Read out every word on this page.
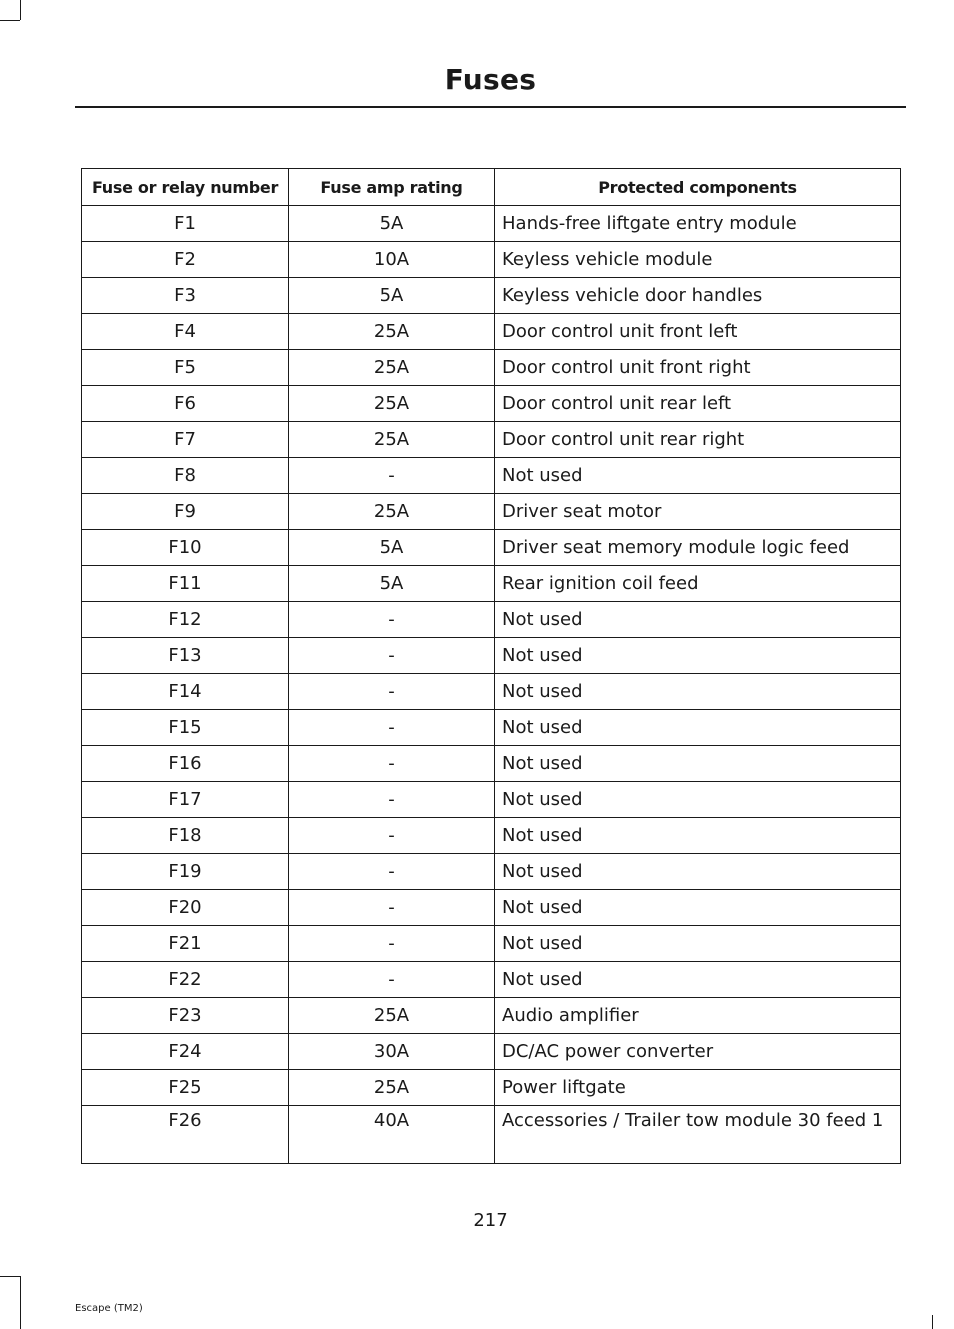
Fuses
Fuse or relay number	Fuse amp rating	Protected components
F1	5A	Hands-free liftgate entry module
F2	10A	Keyless vehicle module
F3	5A	Keyless vehicle door handles
F4	25A	Door control unit front left
F5	25A	Door control unit front right
F6	25A	Door control unit rear left
F7	25A	Door control unit rear right
F8	-	Not used
F9	25A	Driver seat motor
F10	5A	Driver seat memory module logic feed
F11	5A	Rear ignition coil feed
F12	-	Not used
F13	-	Not used
F14	-	Not used
F15	-	Not used
F16	-	Not used
F17	-	Not used
F18	-	Not used
F19	-	Not used
F20	-	Not used
F21	-	Not used
F22	-	Not used
F23	25A	Audio amplifier
F24	30A	DC/AC power converter
F25	25A	Power liftgate
F26	40A	Accessories / Trailer tow module 30 feed 1
217
Escape (TM2)
